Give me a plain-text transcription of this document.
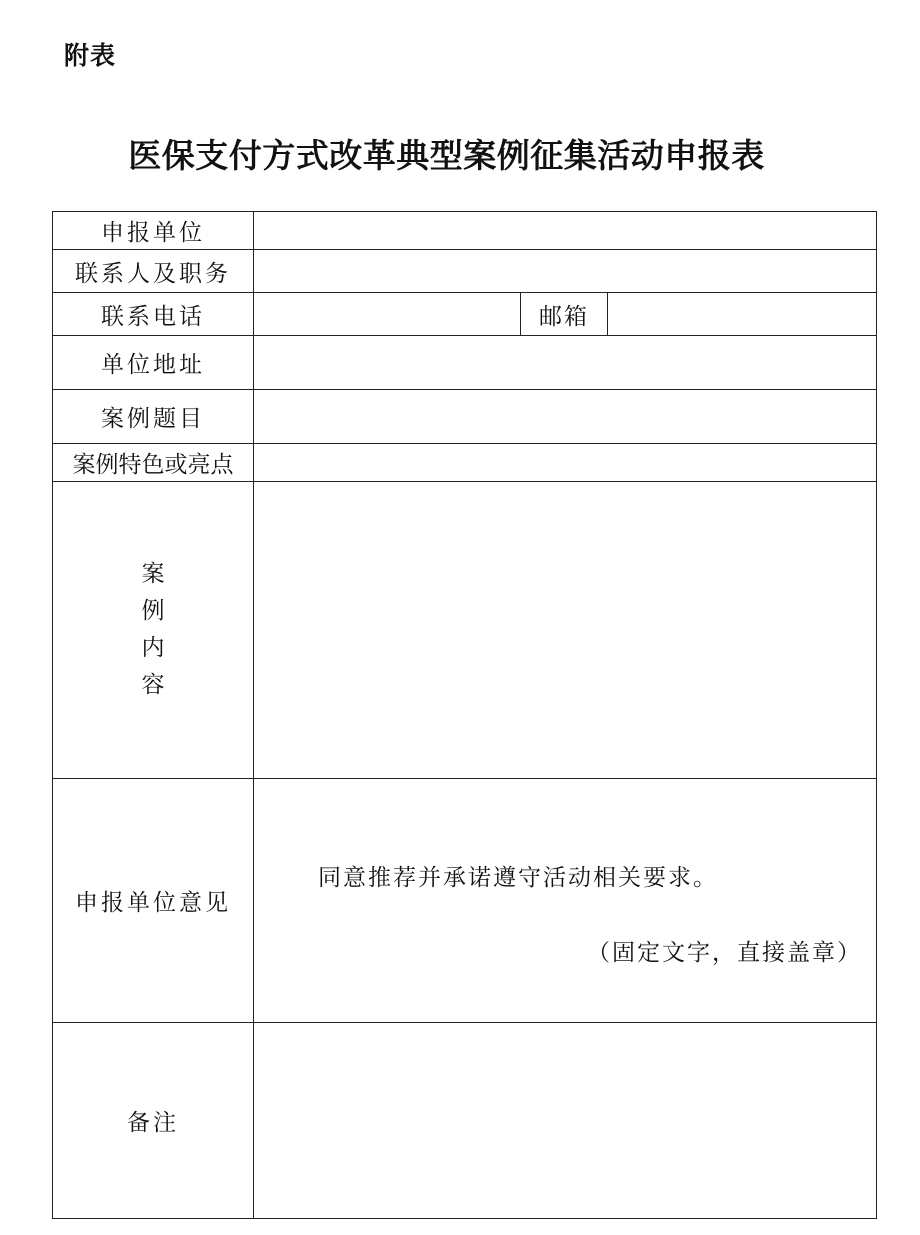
附表
医保支付方式改革典型案例征集活动申报表
申报单位			
联系人及职务			
联系电话		邮箱	
单位地址			
案例题目			
案例特色或亮点			

案例内容			

申报单位意见	同意推荐并承诺遵守活动相关要求。
（固定文字，直接盖章）		

备注			
